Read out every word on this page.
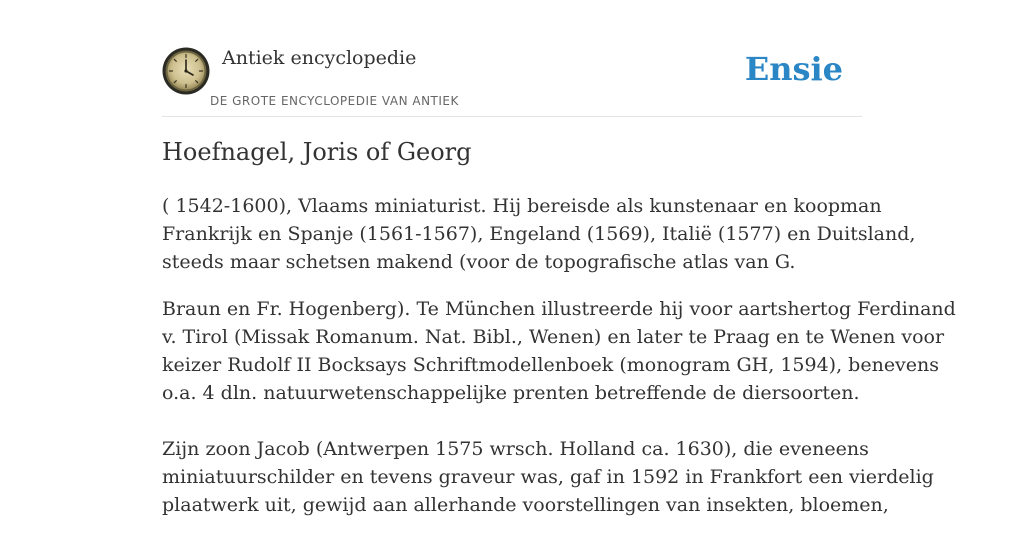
Antiek encyclopedie
DE GROTE ENCYCLOPEDIE VAN ANTIEK
Ensie
Hoefnagel, Joris of Georg

( 1542-1600), Vlaams miniaturist. Hij bereisde als kunstenaar en koopman
Frankrijk en Spanje (1561-1567), Engeland (1569), Italië (1577) en Duitsland,
steeds maar schetsen makend (voor de topografische atlas van G.

Braun en Fr. Hogenberg). Te München illustreerde hij voor aartshertog Ferdinand
v. Tirol (Missak Romanum. Nat. Bibl., Wenen) en later te Praag en te Wenen voor
keizer Rudolf II Bocksays Schriftmodellenboek (monogram GH, 1594), benevens
o.a. 4 dln. natuurwetenschappelijke prenten betreffende de diersoorten.

Zijn zoon Jacob (Antwerpen 1575 wrsch. Holland ca. 1630), die eveneens
miniatuurschilder en tevens graveur was, gaf in 1592 in Frankfort een vierdelig
plaatwerk uit, gewijd aan allerhande voorstellingen van insekten, bloemen,
